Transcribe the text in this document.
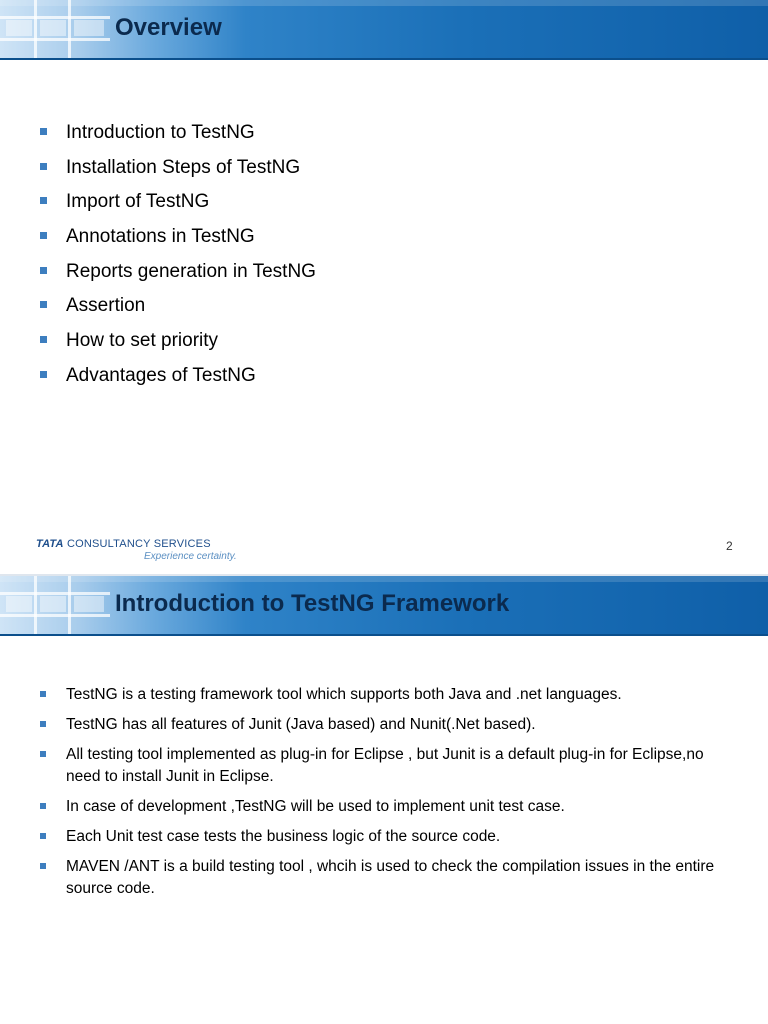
Overview
Introduction to TestNG
Installation Steps of TestNG
Import of TestNG
Annotations in TestNG
Reports generation in TestNG
Assertion
How to set priority
Advantages of TestNG
TATA CONSULTANCY SERVICES
Experience certainty.
2
Introduction to TestNG Framework
TestNG is a testing framework tool which supports both Java and .net languages.
TestNG has all features of Junit (Java based) and Nunit(.Net based).
All testing tool implemented as plug-in for Eclipse , but Junit is a default plug-in for Eclipse,no need to install Junit in Eclipse.
In case of development ,TestNG will be used to implement unit test case.
Each Unit test case tests the business logic of the source code.
MAVEN /ANT is a build testing tool , whcih is used to check the compilation issues in the entire source code.
